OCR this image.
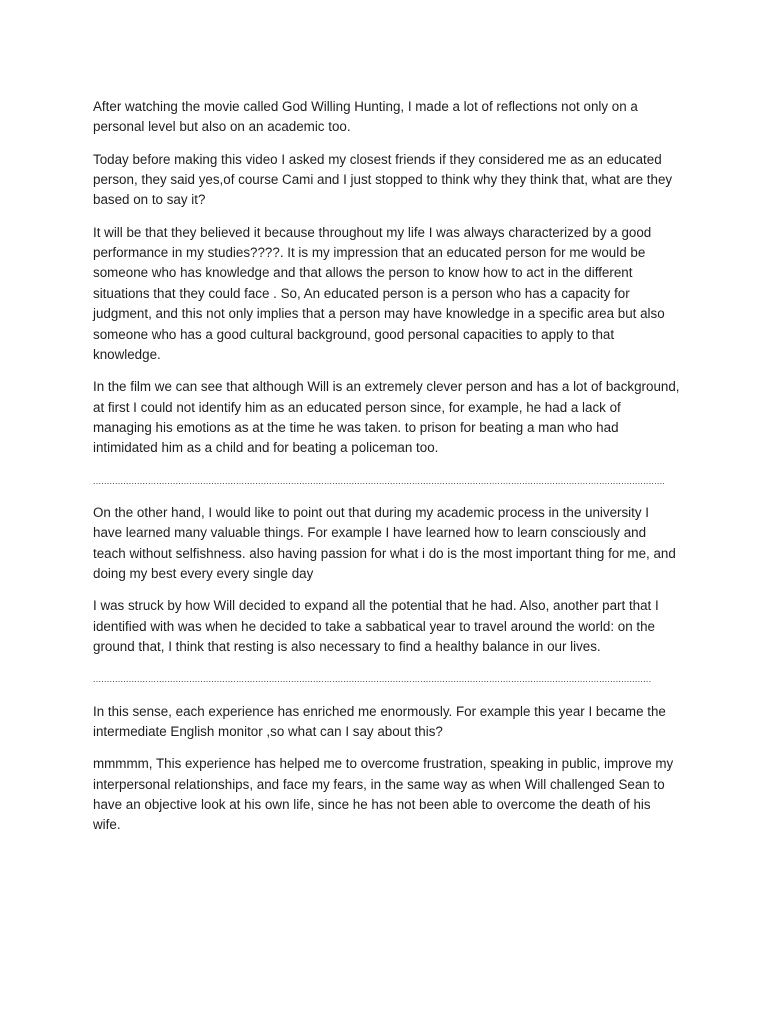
After watching the movie called God Willing Hunting, I made a lot of reflections not only on a personal level but also on an academic too.

Today before making this video I asked my closest friends if they considered me as an educated person, they said yes,of course Cami and I just stopped to think why they think that, what are they based on to say it?

It will be that they believed it because throughout my life I was always characterized by a good performance in my studies????. It is my impression that an educated person for me would be someone who has knowledge and that allows the person to know how to act in the different situations that they could face . So, An educated person is a person who has a capacity for judgment, and this not only implies that a person may have knowledge in a specific area but also someone who has a good cultural background, good personal capacities to apply to that knowledge.

In the film we can see that although Will is an extremely clever person and has a lot of background, at first I could not identify him as an educated person since, for example, he had a lack of managing his emotions as at the time he was taken. to prison for beating a man who had intimidated him as a child and for beating a policeman too.

................................................................................................................................................................................................................

On the other hand, I would like to point out that during my academic process in the university I have learned many valuable things. For example I have learned how to learn consciously and teach without selfishness. also having passion for what i do is the most important thing for me, and doing my best every every single day

I was struck by how Will decided to expand all the potential that he had. Also, another part that I identified with was when he decided to take a sabbatical year to travel around the world: on the ground that, I think that resting is also necessary to find a healthy balance in our lives.

...........................................................................................................................................................................................................

In this sense, each experience has enriched me enormously. For example this year I became the intermediate English monitor ,so what can I say about this?

mmmmm, This experience has helped me to overcome frustration, speaking in public, improve my interpersonal relationships, and face my fears, in the same way as when Will challenged Sean to have an objective look at his own life, since he has not been able to overcome the death of his wife.
